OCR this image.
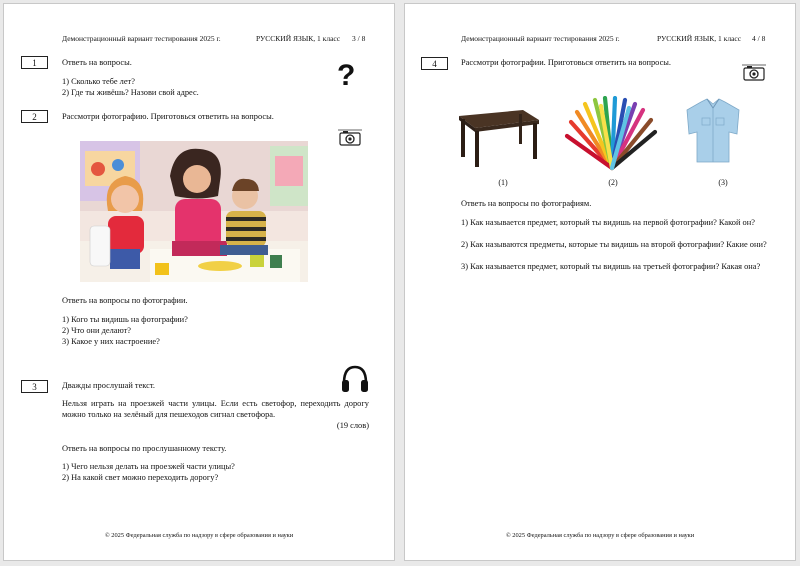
Демонстрационный вариант тестирования 2025 г.	РУССКИЙ ЯЗЫК, 1 класс 3 / 8
1	Ответь на вопросы.
1) Сколько тебе лет?
2) Где ты живёшь? Назови свой адрес.
?
2	Рассмотри фотографию. Приготовься ответить на вопросы.
Ответь на вопросы по фотографии.
1) Кого ты видишь на фотографии?
2) Что они делают?
3) Какое у них настроение?
3	Дважды прослушай текст.
Нельзя играть на проезжей части улицы. Если есть светофор, переходить дорогу можно только на зелёный для пешеходов сигнал светофора.
(19 слов)
Ответь на вопросы по прослушанному тексту.
1) Чего нельзя делать на проезжей части улицы?
2) На какой свет можно переходить дорогу?
© 2025 Федеральная служба по надзору в сфере образования и науки
Демонстрационный вариант тестирования 2025 г.	РУССКИЙ ЯЗЫК, 1 класс 4 / 8
4	Рассмотри фотографии. Приготовься ответить на вопросы.
(1)	(2)	(3)
Ответь на вопросы по фотографиям.
1) Как называется предмет, который ты видишь на первой фотографии? Какой он?
2) Как называются предметы, которые ты видишь на второй фотографии? Какие они?
3) Как называется предмет, который ты видишь на третьей фотографии? Какая она?
© 2025 Федеральная служба по надзору в сфере образования и науки
